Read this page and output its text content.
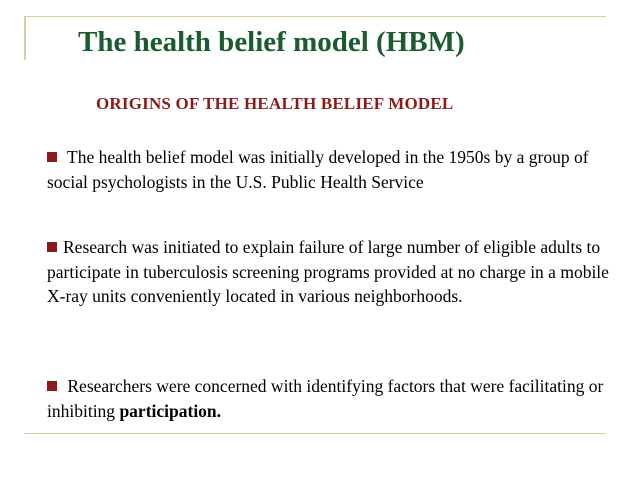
The health belief model (HBM)
ORIGINS OF THE HEALTH BELIEF MODEL

The health belief model was initially developed in the 1950s by a group of social psychologists in the U.S. Public Health Service

Research was initiated to explain failure of large number of eligible adults to participate in tuberculosis screening programs provided at no charge in a mobile X-ray units conveniently located in various neighborhoods.

Researchers were concerned with identifying factors that were facilitating or inhibiting participation.
